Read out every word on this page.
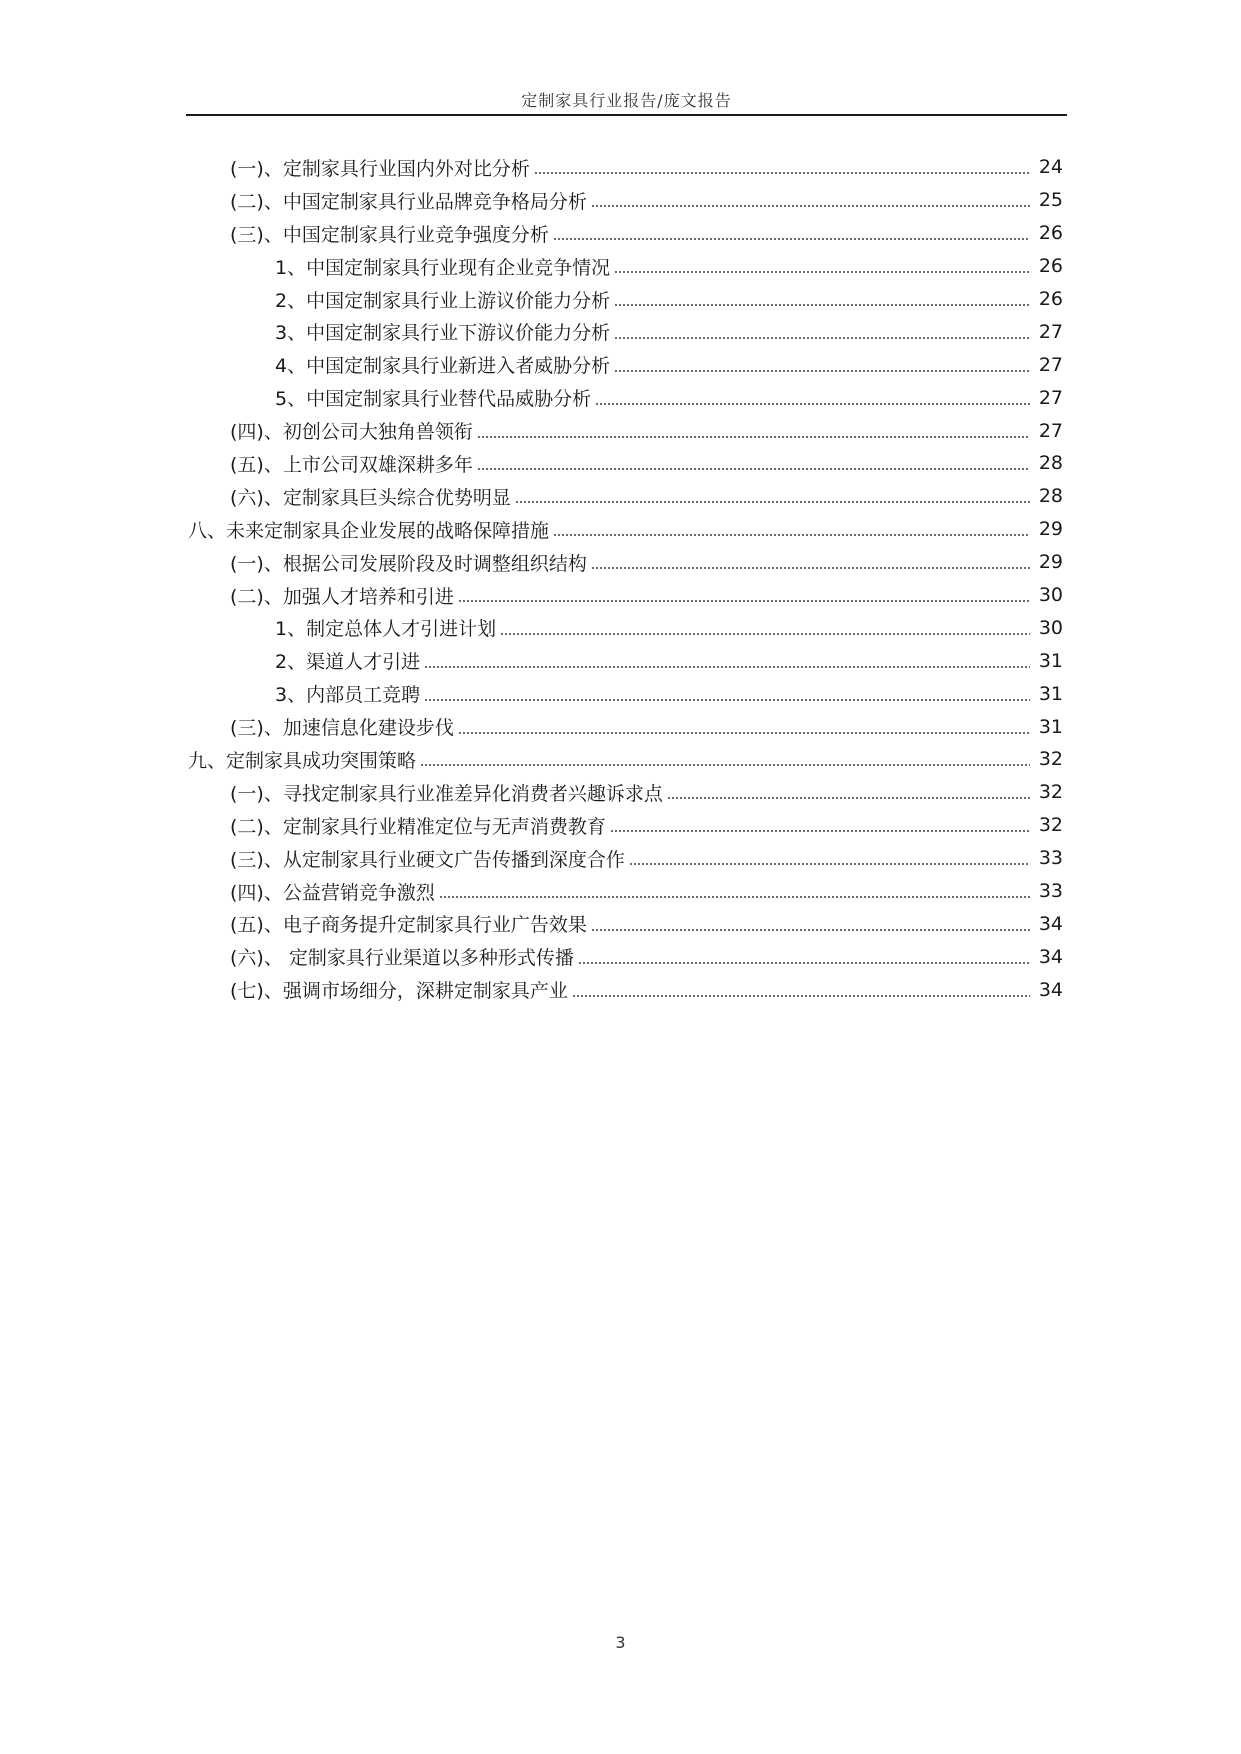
定制家具行业报告/庞文报告
(一)、定制家具行业国内外对比分析	24
(二)、中国定制家具行业品牌竞争格局分析	25
(三)、中国定制家具行业竞争强度分析	26
1、中国定制家具行业现有企业竞争情况	26
2、中国定制家具行业上游议价能力分析	26
3、中国定制家具行业下游议价能力分析	27
4、中国定制家具行业新进入者威胁分析	27
5、中国定制家具行业替代品威胁分析	27
(四)、初创公司大独角兽领衔	27
(五)、上市公司双雄深耕多年	28
(六)、定制家具巨头综合优势明显	28
八、未来定制家具企业发展的战略保障措施	29
(一)、根据公司发展阶段及时调整组织结构	29
(二)、加强人才培养和引进	30
1、制定总体人才引进计划	30
2、渠道人才引进	31
3、内部员工竞聘	31
(三)、加速信息化建设步伐	31
九、定制家具成功突围策略	32
(一)、寻找定制家具行业准差异化消费者兴趣诉求点	32
(二)、定制家具行业精准定位与无声消费教育	32
(三)、从定制家具行业硬文广告传播到深度合作	33
(四)、公益营销竞争激烈	33
(五)、电子商务提升定制家具行业广告效果	34
(六)、 定制家具行业渠道以多种形式传播	34
(七)、强调市场细分，深耕定制家具产业	34
3
